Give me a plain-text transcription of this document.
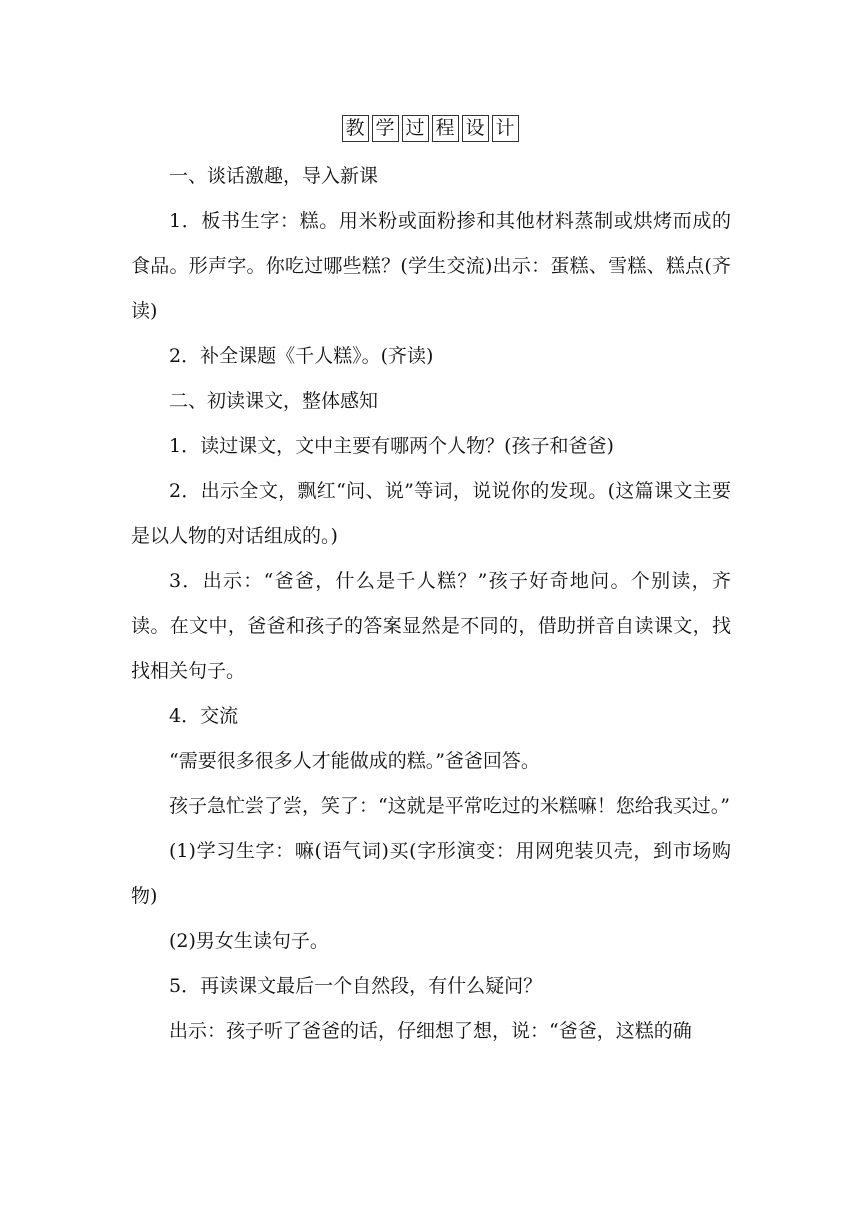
教 学 过 程 设 计

一、谈话激趣，导入新课

1．板书生字：糕。用米粉或面粉掺和其他材料蒸制或烘烤而成的食品。形声字。你吃过哪些糕？(学生交流)出示：蛋糕、雪糕、糕点(齐读)

2．补全课题《千人糕》。(齐读)

二、初读课文，整体感知

1．读过课文，文中主要有哪两个人物？(孩子和爸爸)

2．出示全文，飘红“问、说”等词，说说你的发现。(这篇课文主要是以人物的对话组成的。)

3．出示：“爸爸，什么是千人糕？”孩子好奇地问。个别读，齐读。在文中，爸爸和孩子的答案显然是不同的，借助拼音自读课文，找找相关句子。

4．交流

“需要很多很多人才能做成的糕。”爸爸回答。

孩子急忙尝了尝，笑了：“这就是平常吃过的米糕嘛！您给我买过。”

(1)学习生字：嘛(语气词)买(字形演变：用网兜装贝壳，到市场购物)

(2)男女生读句子。

5．再读课文最后一个自然段，有什么疑问？

出示：孩子听了爸爸的话，仔细想了想，说：“爸爸，这糕的确
